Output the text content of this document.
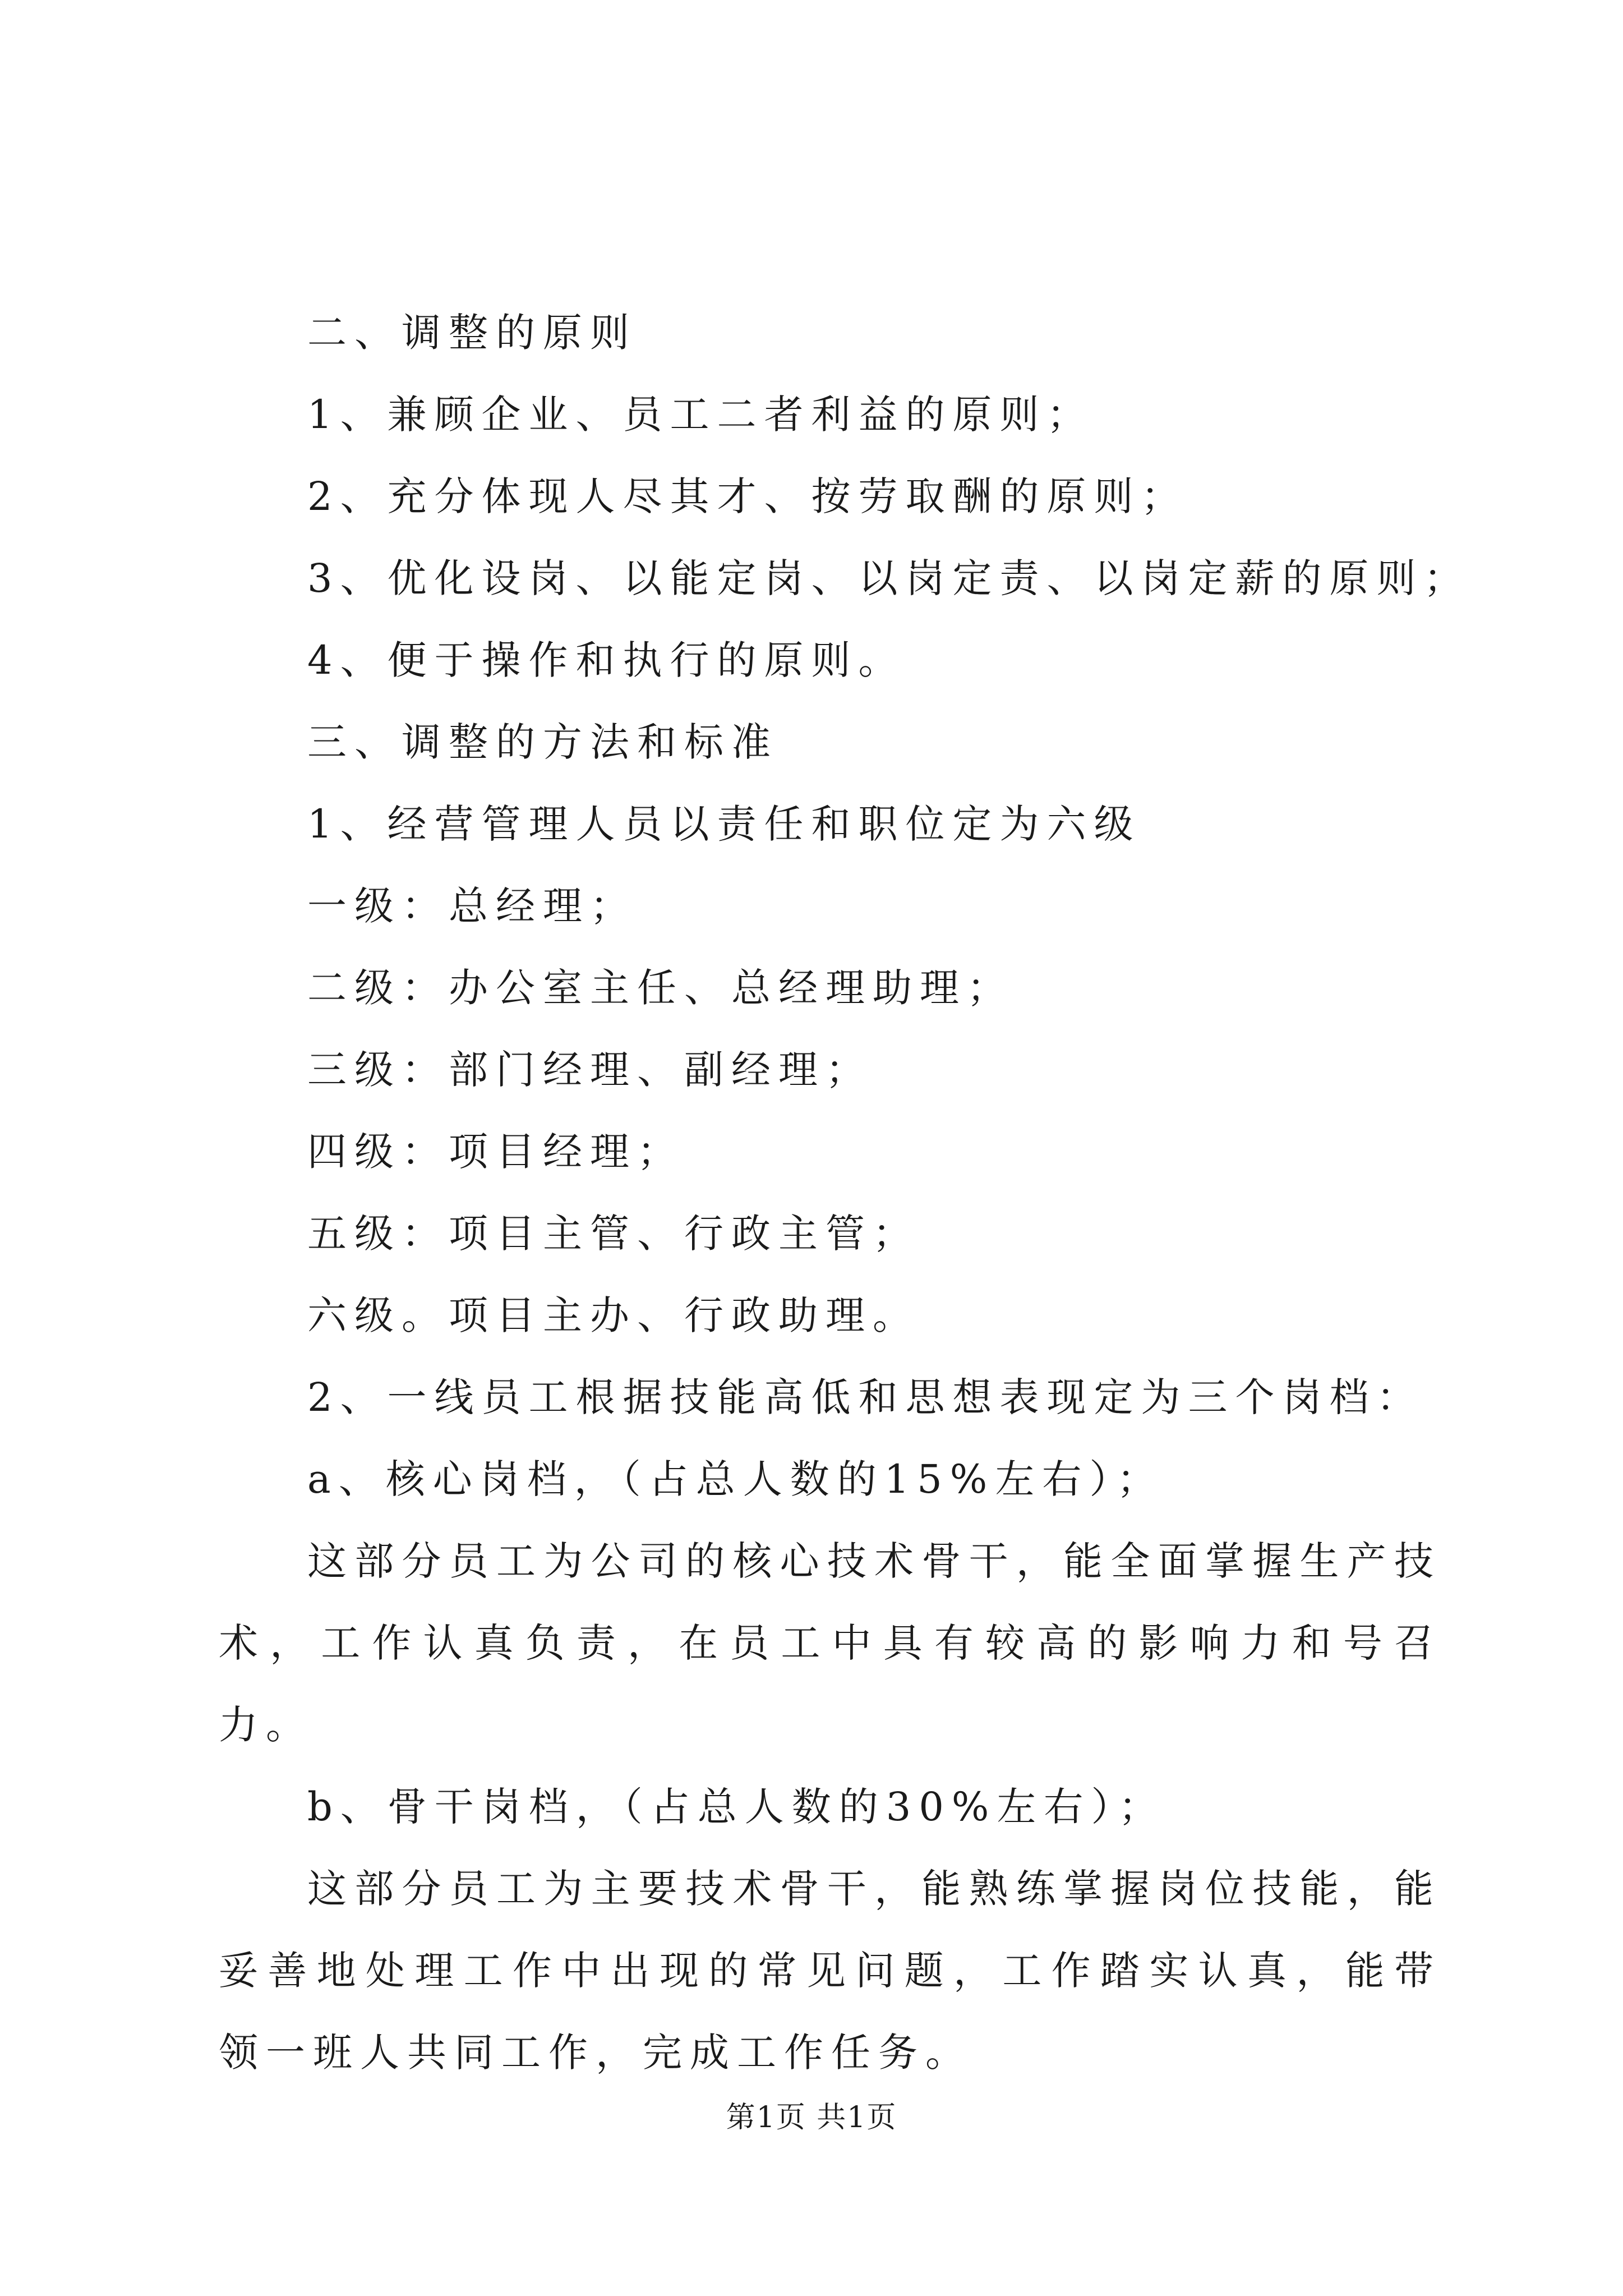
二、调整的原则
1、兼顾企业、员工二者利益的原则；
2、充分体现人尽其才、按劳取酬的原则；
3、优化设岗、以能定岗、以岗定责、以岗定薪的原则；
4、便于操作和执行的原则。
三、调整的方法和标准
1、经营管理人员以责任和职位定为六级
一级：总经理；
二级：办公室主任、总经理助理；
三级：部门经理、副经理；
四级：项目经理；
五级：项目主管、行政主管；
六级。项目主办、行政助理。
2、一线员工根据技能高低和思想表现定为三个岗档：
a、核心岗档，（占总人数的15%左右）；
这部分员工为公司的核心技术骨干，能全面掌握生产技术，工作认真负责，在员工中具有较高的影响力和号召力。
b、骨干岗档，（占总人数的30%左右）；
这部分员工为主要技术骨干，能熟练掌握岗位技能，能妥善地处理工作中出现的常见问题，工作踏实认真，能带领一班人共同工作，完成工作任务。
第1页 共1页
